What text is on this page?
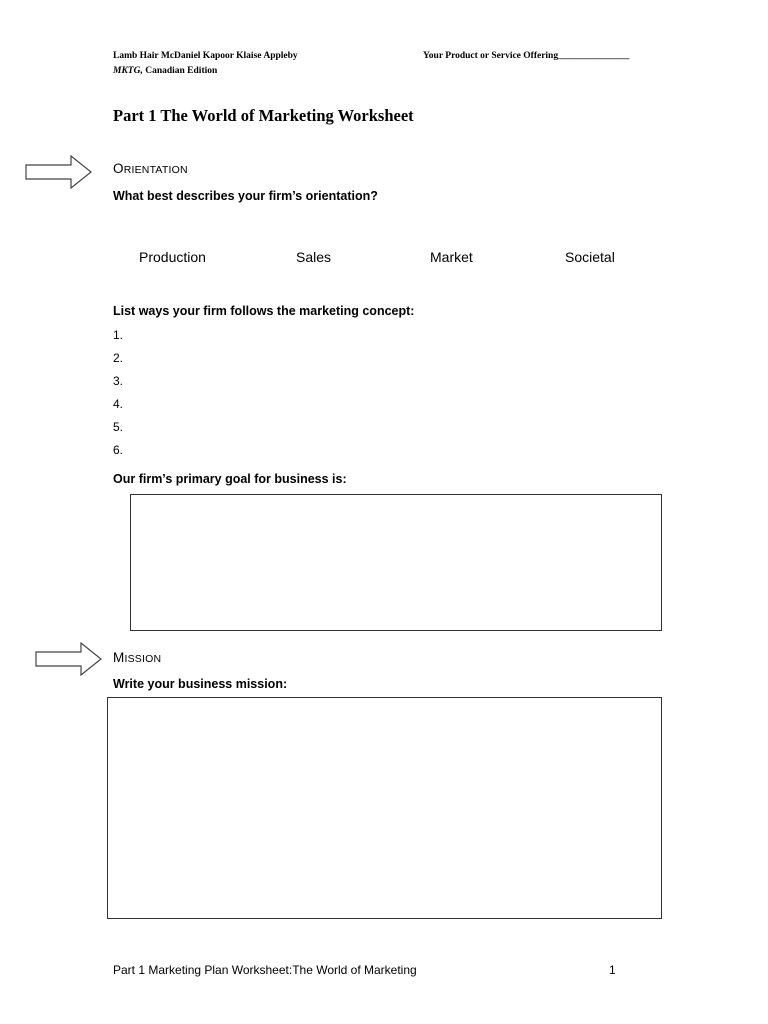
Lamb Hair McDaniel Kapoor Klaise Appleby
MKTG, Canadian Edition
Your Product or Service Offering_______________
Part 1 The World of Marketing Worksheet
ORIENTATION
What best describes your firm’s orientation?
Production	Sales	Market	Societal
List ways your firm follows the marketing concept:
1.
2.
3.
4.
5.
6.
Our firm’s primary goal for business is:
MISSION
Write your business mission:
Part 1 Marketing Plan Worksheet:The World of Marketing	1
